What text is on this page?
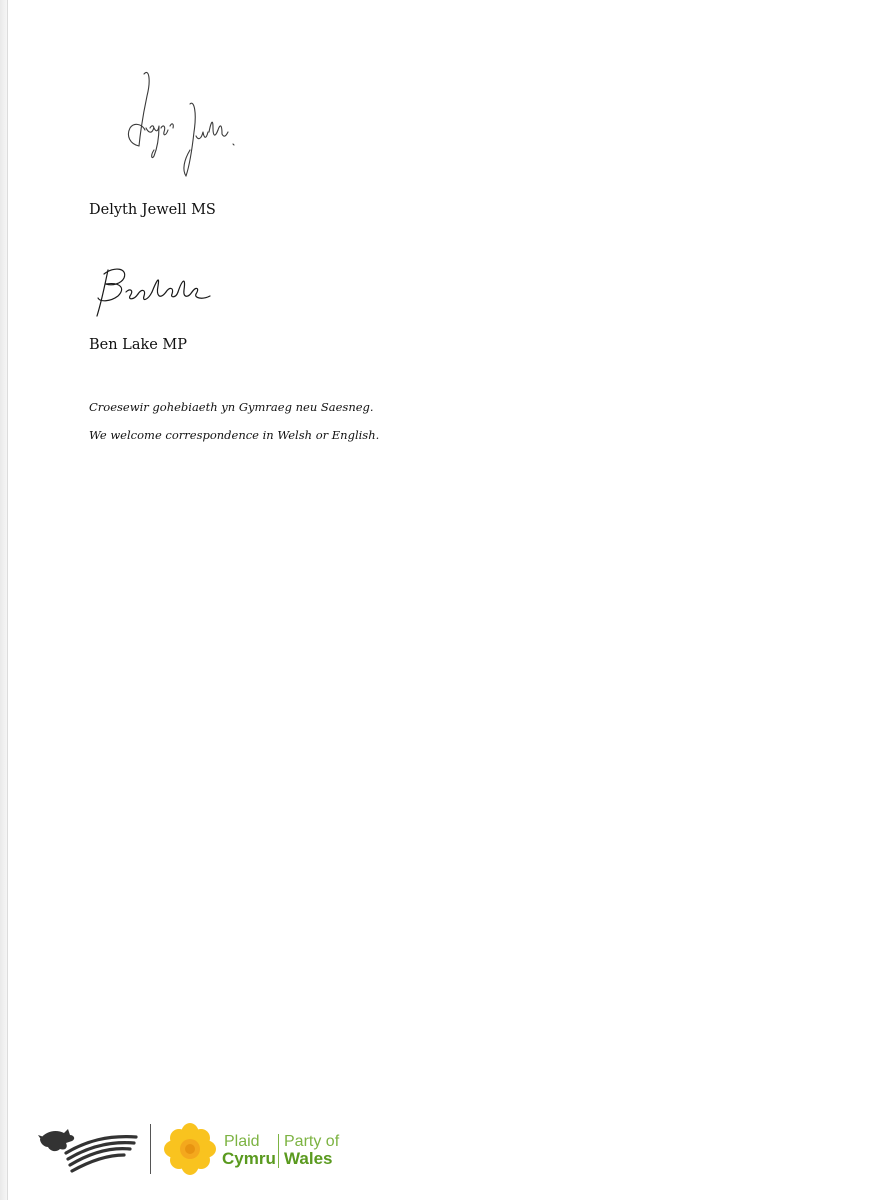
Delyth Jewell MS
Ben Lake MP
Croesewir gohebiaeth yn Gymraeg neu Saesneg.
We welcome correspondence in Welsh or English.
Plaid
Cymru
Party of
Wales
